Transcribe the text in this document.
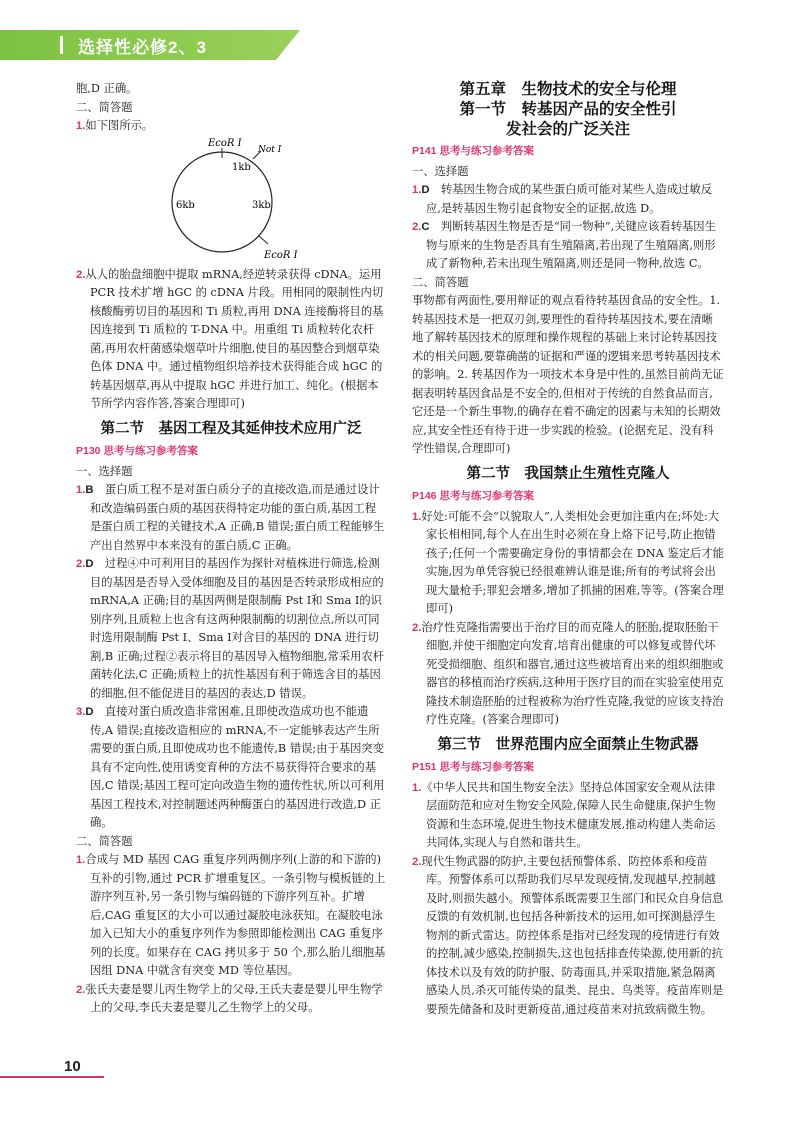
选择性必修2、3

胞,D 正确。

二、简答题

1.如下图所示。

EcoR Ⅰ
Not Ⅰ
1kb
3kb
6kb
EcoR Ⅰ

2.从人的胎盘细胞中提取 mRNA,经逆转录获得 cDNA。运用 PCR 技术扩增 hGC 的 cDNA 片段。用相同的限制性内切核酸酶剪切目的基因和 Ti 质粒,再用 DNA 连接酶将目的基因连接到 Ti 质粒的 T-DNA 中。用重组 Ti 质粒转化农杆菌,再用农杆菌感染烟草叶片细胞,使目的基因整合到烟草染色体 DNA 中。通过植物组织培养技术获得能合成 hGC 的转基因烟草,再从中提取 hGC 并进行加工、纯化。(根据本节所学内容作答,答案合理即可)

第二节　基因工程及其延伸技术应用广泛
P130 思考与练习参考答案

一、选择题

1.B　 蛋白质工程不是对蛋白质分子的直接改造,而是通过设计和改造编码蛋白质的基因获得特定功能的蛋白质,基因工程是蛋白质工程的关键技术,A 正确,B 错误;蛋白质工程能够生产出自然界中本来没有的蛋白质,C 正确。

2.D　 过程④中可利用目的基因作为探针对植株进行筛选,检测目的基因是否导入受体细胞及目的基因是否转录形成相应的 mRNA,A 正确;目的基因两侧是限制酶 Pst Ⅰ和 Sma Ⅰ的识别序列,且质粒上也含有这两种限制酶的切割位点,所以可同时选用限制酶 Pst Ⅰ、Sma Ⅰ对含目的基因的 DNA 进行切割,B 正确;过程②表示将目的基因导入植物细胞,常采用农杆菌转化法,C 正确;质粒上的抗性基因有利于筛选含目的基因的细胞,但不能促进目的基因的表达,D 错误。

3.D　 直接对蛋白质改造非常困难,且即使改造成功也不能遗传,A 错误;直接改造相应的 mRNA,不一定能够表达产生所需要的蛋白质,且即使成功也不能遗传,B 错误;由于基因突变具有不定向性,使用诱变育种的方法不易获得符合要求的基因,C 错误;基因工程可定向改造生物的遗传性状,所以可利用基因工程技术,对控制题述两种酶蛋白的基因进行改造,D 正确。

二、简答题

1.合成与 MD 基因 CAG 重复序列两侧序列(上游的和下游的)互补的引物,通过 PCR 扩增重复区。一条引物与模板链的上游序列互补,另一条引物与编码链的下游序列互补。扩增后,CAG 重复区的大小可以通过凝胶电泳获知。在凝胶电泳加入已知大小的重复序列作为参照即能检测出 CAG 重复序列的长度。如果存在 CAG 拷贝多于 50 个,那么胎儿细胞基因组 DNA 中就含有突变 MD 等位基因。

2.张氏夫妻是婴儿丙生物学上的父母,王氏夫妻是婴儿甲生物学上的父母,李氏夫妻是婴儿乙生物学上的父母。

第五章　生物技术的安全与伦理
第一节　转基因产品的安全性引
发社会的广泛关注
P141 思考与练习参考答案

一、选择题

1.D　 转基因生物合成的某些蛋白质可能对某些人造成过敏反应,是转基因生物引起食物安全的证据,故选 D。

2.C　 判断转基因生物是否是“同一物种”,关键应该看转基因生物与原来的生物是否具有生殖隔离,若出现了生殖隔离,则形成了新物种,若未出现生殖隔离,则还是同一物种,故选 C。

二、简答题

事物都有两面性,要用辩证的观点看待转基因食品的安全性。1.转基因技术是一把双刃剑,要理性的看待转基因技术,要在清晰地了解转基因技术的原理和操作规程的基础上来讨论转基因技术的相关问题,要靠确凿的证据和严谨的逻辑来思考转基因技术的影响。2. 转基因作为一项技术本身是中性的,虽然目前尚无证据表明转基因食品是不安全的,但相对于传统的自然食品而言,它还是一个新生事物,的确存在着不确定的因素与未知的长期效应,其安全性还有待于进一步实践的检验。(论据充足、没有科学性错误,合理即可)

第二节　我国禁止生殖性克隆人
P146 思考与练习参考答案

1.好处:可能不会“以貌取人”,人类相处会更加注重内在;坏处:大家长相相同,每个人在出生时必须在身上烙下记号,防止抱错孩子;任何一个需要确定身份的事情都会在 DNA 鉴定后才能实施,因为单凭容貌已经很难辨认谁是谁;所有的考试将会出现大量枪手;罪犯会增多,增加了抓捕的困难,等等。(答案合理即可)

2.治疗性克隆指需要出于治疗目的而克隆人的胚胎,提取胚胎干细胞,并使干细胞定向发育,培育出健康的可以修复或替代坏死受损细胞、组织和器官,通过这些被培育出来的组织细胞或器官的移植而治疗疾病,这种用于医疗目的而在实验室使用克隆技术制造胚胎的过程被称为治疗性克隆,我觉的应该支持治疗性克隆。(答案合理即可)

第三节　世界范围内应全面禁止生物武器
P151 思考与练习参考答案

1.《中华人民共和国生物安全法》坚持总体国家安全观从法律层面防范和应对生物安全风险,保障人民生命健康,保护生物资源和生态环境,促进生物技术健康发展,推动构建人类命运共同体,实现人与自然和谐共生。

2.现代生物武器的防护,主要包括预警体系、防控体系和疫苗库。预警体系可以帮助我们尽早发现疫情,发现越早,控制越及时,则损失越小。预警体系既需要卫生部门和民众自身信息反馈的有效机制,也包括各种新技术的运用,如可探测悬浮生物剂的新式雷达。防控体系是指对已经发现的疫情进行有效的控制,减少感染,控制损失,这也包括排查传染源,使用新的抗体技术以及有效的防护服、防毒面具,并采取措施,紧急隔离感染人员,杀灭可能传染的鼠类、昆虫、鸟类等。疫苗库则是要预先储备和及时更新疫苗,通过疫苗来对抗致病微生物。

10
